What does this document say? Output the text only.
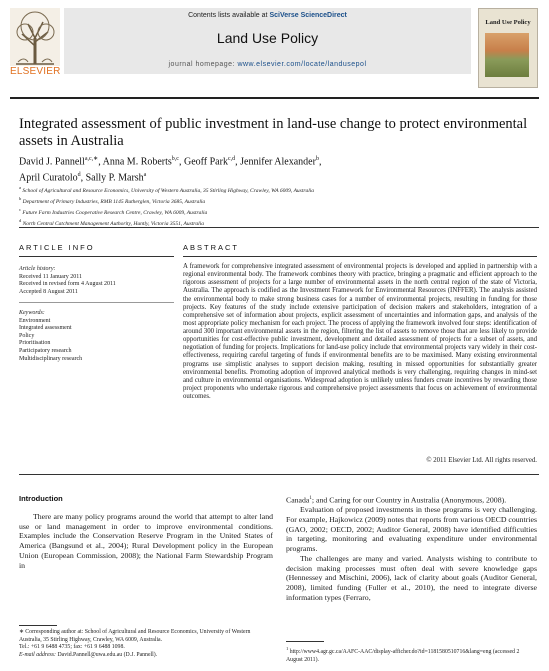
ELSEVIER
Contents lists available at SciVerse ScienceDirect
Land Use Policy
journal homepage: www.elsevier.com/locate/landusepol
Land Use Policy
Integrated assessment of public investment in land-use change to protect environmental assets in Australia
David J. Pannell$^{a,c,∗}$, Anna M. Roberts$^{b,c}$, Geoff Park$^{c,d}$, Jennifer Alexander$^b$,
April Curatolo$^d$, Sally P. Marsh$^a$
$^a$ School of Agricultural and Resource Economics, University of Western Australia, 35 Stirling Highway, Crawley, WA 6009, Australia
$^b$ Department of Primary Industries, RMB 1145 Rutherglen, Victoria 3685, Australia
$^c$ Future Farm Industries Cooperative Research Centre, Crawley, WA 6009, Australia
$^d$ North Central Catchment Management Authority, Huntly, Victoria 3551, Australia
ARTICLE INFO	ABSTRACT
Article history:
Received 11 January 2011
Received in revised form 4 August 2011
Accepted 8 August 2011
Keywords:
Environment
Integrated assessment
Policy
Prioritisation
Participatory research
Multidisciplinary research
A framework for comprehensive integrated assessment of environmental projects is developed and applied in partnership with a regional environmental body. The framework combines theory with practice, bringing a pragmatic and efficient approach to the rigorous assessment of projects for a large number of environmental assets in the north central region of the state of Victoria, Australia. The approach is codified as the Investment Framework for Environmental Resources (INFFER). The analysis assisted the environmental body to make strong business cases for a number of environmental projects, resulting in funding for those projects. Key features of the study include extensive participation of decision makers and stakeholders, integration of a comprehensive set of information about projects, explicit assessment of uncertainties and information gaps, and analysis of the most appropriate policy mechanism for each project. The process of applying the framework involved four steps: identification of around 300 important environmental assets in the region, filtering the list of assets to remove those that are less likely to provide opportunities for cost-effective public investment, development and detailed assessment of projects for a subset of assets, and negotiation of funding for projects. Implications for land-use policy include that environmental projects vary widely in their cost-effectiveness, requiring careful targeting of funds if environmental benefits are to be maximised. Many existing environmental programs use simplistic analyses to support decision making, resulting in missed opportunities for substantially greater environmental benefits. Promoting adoption of improved analytical methods is very challenging, requiring changes in mind-set and culture in environmental organisations. Widespread adoption is unlikely unless funders create incentives by rewarding those project proponents who undertake rigorous and comprehensive project assessments that focus on achievement of environmental outcomes.
© 2011 Elsevier Ltd. All rights reserved.
Introduction

There are many policy programs around the world that attempt to alter land use or land management in order to improve environmental conditions. Examples include the Conservation Reserve Program in the United States of America (Bangsund et al., 2004); Rural Development policy in the European Union (European Commission, 2008); the National Farm Stewardship Program in

Canada$^1$; and Caring for our Country in Australia (Anonymous, 2008).

Evaluation of proposed investments in these programs is very challenging. For example, Hajkowicz (2009) notes that reports from various OECD countries (GAO, 2002; OECD, 2002; Auditor General, 2008) have identified difficulties in targeting, monitoring and evaluating expenditure under environmental programs.

The challenges are many and varied. Analysts wishing to contribute to decision making processes must often deal with severe knowledge gaps (Hennessey and Mischini, 2006), lack of clarity about goals (Auditor General, 2008), limited funding (Fuller et al., 2010), the need to integrate diverse information types (Ferraro,

∗ Corresponding author at: School of Agricultural and Resource Economics, University of Western Australia, 35 Stirling Highway, Crawley, WA 6009, Australia.
Tel.: +61 9 6488 4735; fax: +61 9 6488 1098.
E-mail address: David.Pannell@uwa.edu.au (D.J. Pannell).
$^1$ http://www4.agr.gc.ca/AAFC-AAC/display-afficher.do?id=1181580510716&lang=eng (accessed 2 August 2011).
